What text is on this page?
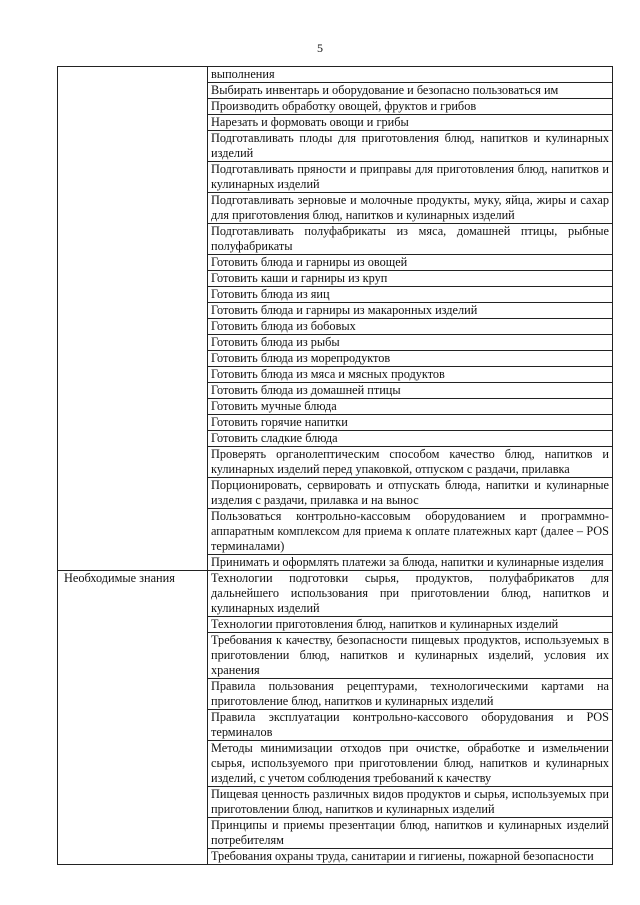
5
	выполнения
	Выбирать инвентарь и оборудование и безопасно пользоваться им
	Производить обработку овощей, фруктов и грибов
	Нарезать и формовать овощи и грибы
	Подготавливать плоды для приготовления блюд, напитков и кулинарных изделий
	Подготавливать пряности и приправы для приготовления блюд, напитков и кулинарных изделий
	Подготавливать зерновые и молочные продукты, муку, яйца, жиры и сахар для приготовления блюд, напитков и кулинарных изделий
	Подготавливать полуфабрикаты из мяса, домашней птицы, рыбные полуфабрикаты
	Готовить блюда и гарниры из овощей
	Готовить каши и гарниры из круп
	Готовить блюда из яиц
	Готовить блюда и гарниры из макаронных изделий
	Готовить блюда из бобовых
	Готовить блюда из рыбы
	Готовить блюда из морепродуктов
	Готовить блюда из мяса и мясных продуктов
	Готовить блюда из домашней птицы
	Готовить мучные блюда
	Готовить горячие напитки
	Готовить сладкие блюда
	Проверять органолептическим способом качество блюд, напитков и кулинарных изделий перед упаковкой, отпуском с раздачи, прилавка
	Порционировать, сервировать и отпускать блюда, напитки и кулинарные изделия с раздачи, прилавка и на вынос
	Пользоваться контрольно-кассовым оборудованием и программно-аппаратным комплексом для приема к оплате платежных карт (далее – POS терминалами)
	Принимать и оформлять платежи за блюда, напитки и кулинарные изделия
Необходимые знания	Технологии подготовки сырья, продуктов, полуфабрикатов для дальнейшего использования при приготовлении блюд, напитков и кулинарных изделий
	Технологии приготовления блюд, напитков и кулинарных изделий
	Требования к качеству, безопасности пищевых продуктов, используемых в приготовлении блюд, напитков и кулинарных изделий, условия их хранения
	Правила пользования рецептурами, технологическими картами на приготовление блюд, напитков и кулинарных изделий
	Правила эксплуатации контрольно-кассового оборудования и POS терминалов
	Методы минимизации отходов при очистке, обработке и измельчении сырья, используемого при приготовлении блюд, напитков и кулинарных изделий, с учетом соблюдения требований к качеству
	Пищевая ценность различных видов продуктов и сырья, используемых при приготовлении блюд, напитков и кулинарных изделий
	Принципы и приемы презентации блюд, напитков и кулинарных изделий потребителям
	Требования охраны труда, санитарии и гигиены, пожарной безопасности
